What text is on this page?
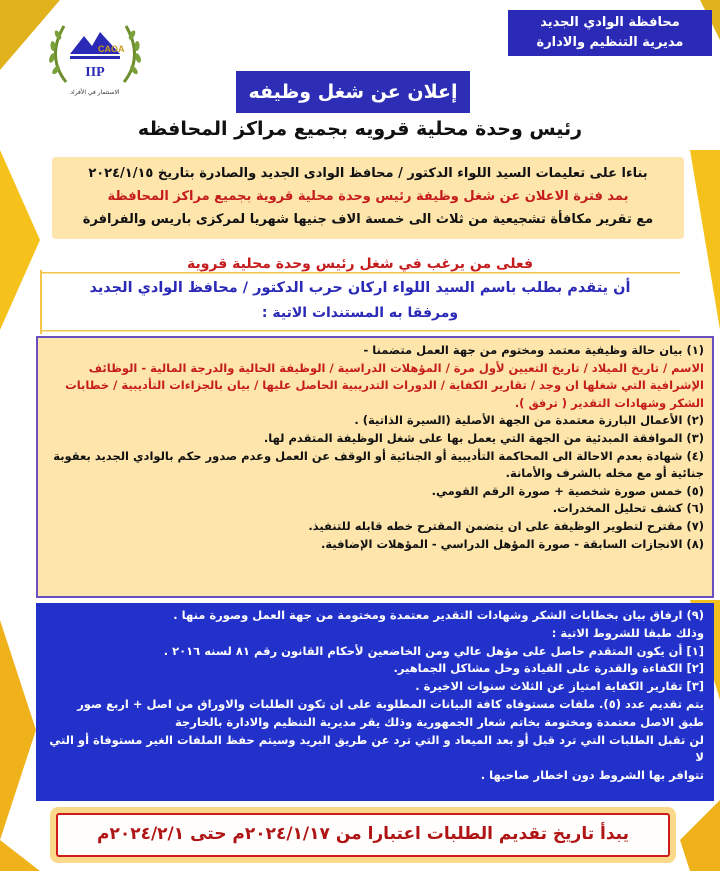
محافظة الوادي الجديد
مديرية التنظيم والادارة
CAOA
IIP
الاستثمار في الأفراد	إعلان عن شغل وظيفه
رئيس وحدة محلية قرويه بجميع مراكز المحافظه

بناءا على تعليمات السيد اللواء الدكتور / محافظ الوادى الجديد والصادرة بتاريخ ٢٠٢٤/١/١٥

بمد فترة الاعلان عن شغل وظيفة رئيس وحدة محلية قروية بجميع مراكز المحافظة

مع تقرير مكافأة تشجيعية من ثلاث الى خمسة الاف جنيها شهريا لمركزى باريس والفرافرة

فعلى من يرغب في شغل رئيس وحدة محلية قروية
أن يتقدم بطلب باسم السيد اللواء اركان حرب الدكتور / محافظ الوادي الجديد
ومرفقا به المستندات الاتية :

(١) بيان حالة وظيفية معتمد ومختوم من جهة العمل متضمنا -

الاسم / تاريخ الميلاد / تاريخ التعيين لأول مرة / المؤهلات الدراسية / الوظيفة الحالية والدرجة المالية - الوظائف

الإشرافية التي شغلها ان وجد / تقارير الكفاية / الدورات التدريبية الحاصل عليها / بيان بالجزاءات التأديبية / خطابات

الشكر وشهادات التقدير ( ترفق ).

(٢) الأعمال البارزة معتمدة من الجهة الأصلية (السيرة الذاتية) .

(٣) الموافقة المبدئية من الجهة التي يعمل بها على شغل الوظيفة المتقدم لها.

(٤) شهادة بعدم الاحالة الى المحاكمة التأديبية أو الجنائية أو الوقف عن العمل وعدم صدور حكم بالوادي الجديد بعقوبة

جنائية أو مع مخله بالشرف والأمانة.

(٥) خمس صورة شخصية + صورة الرقم القومي.

(٦) كشف تحليل المخدرات.

(٧) مقترح لتطوير الوظيفة على ان يتضمن المقترح خطه قابله للتنفيذ.

(٨) الانجازات السابقة - صورة المؤهل الدراسي - المؤهلات الإضافية.

(٩) ارفاق بيان بخطابات الشكر وشهادات التقدير معتمدة ومختومة من جهة العمل وصورة منها .

وذلك طبقا للشروط الاتية :

[١] أن يكون المتقدم حاصل على مؤهل عالي ومن الخاضعين لأحكام القانون رقم ٨١ لسنه ٢٠١٦ .

[٢] الكفاءة والقدرة على القيادة وحل مشاكل الجماهير.

[٣] تقارير الكفاية امتياز عن الثلاث سنوات الاخيرة .

يتم تقديم عدد (٥). ملفات مستوفاه كافة البيانات المطلوبة على ان تكون الطلبات والاوراق من اصل + اربع صور

طبق الاصل معتمدة ومختومة بخاتم شعار الجمهورية وذلك يقر مديرية التنظيم والادارة بالخارجة

لن تقبل الطلبات التي ترد قبل أو بعد الميعاد و التي ترد عن طريق البريد وسيتم حفظ الملفات الغير مستوفاة أو التي لا

تتوافر بها الشروط دون اخطار صاحبها .

يبدأ تاريخ تقديم الطلبات اعتبارا من ٢٠٢٤/١/١٧م حتى ٢٠٢٤/٢/١م
